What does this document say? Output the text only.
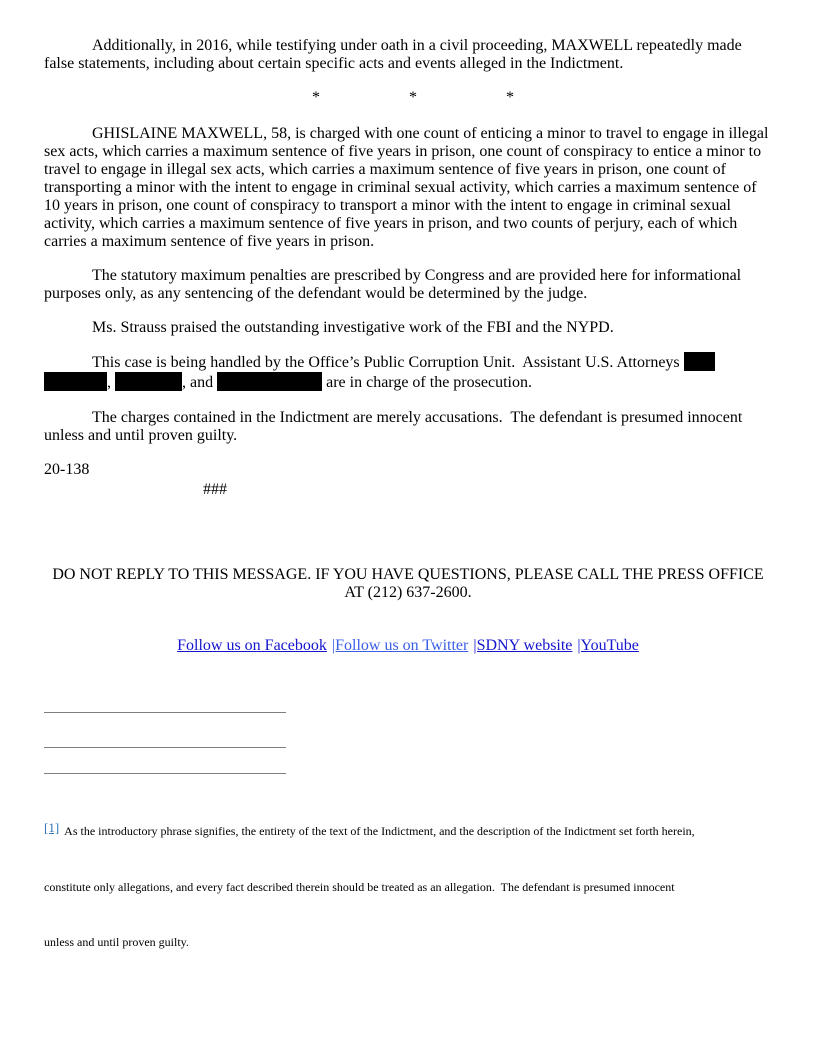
Additionally, in 2016, while testifying under oath in a civil proceeding, MAXWELL repeatedly made false statements, including about certain specific acts and events alleged in the Indictment.

*	*	*

GHISLAINE MAXWELL, 58, is charged with one count of enticing a minor to travel to engage in illegal sex acts, which carries a maximum sentence of five years in prison, one count of conspiracy to entice a minor to travel to engage in illegal sex acts, which carries a maximum sentence of five years in prison, one count of transporting a minor with the intent to engage in criminal sexual activity, which carries a maximum sentence of 10 years in prison, one count of conspiracy to transport a minor with the intent to engage in criminal sexual activity, which carries a maximum sentence of five years in prison, and two counts of perjury, each of which carries a maximum sentence of five years in prison.

The statutory maximum penalties are prescribed by Congress and are provided here for informational purposes only, as any sentencing of the defendant would be determined by the judge.

Ms. Strauss praised the outstanding investigative work of the FBI and the NYPD.

This case is being handled by the Office’s Public Corruption Unit.  Assistant U.S. Attorneys
,	, and	are in charge of the prosecution.

The charges contained in the Indictment are merely accusations.  The defendant is presumed innocent unless and until proven guilty.

20-138
###
DO NOT REPLY TO THIS MESSAGE. IF YOU HAVE QUESTIONS, PLEASE CALL THE PRESS OFFICE
AT (212) 637-2600.
Follow us on Facebook |Follow us on Twitter |SDNY website |YouTube

[1] As the introductory phrase signifies, the entirety of the text of the Indictment, and the description of the Indictment set forth herein,

constitute only allegations, and every fact described therein should be treated as an allegation.  The defendant is presumed innocent

unless and until proven guilty.
